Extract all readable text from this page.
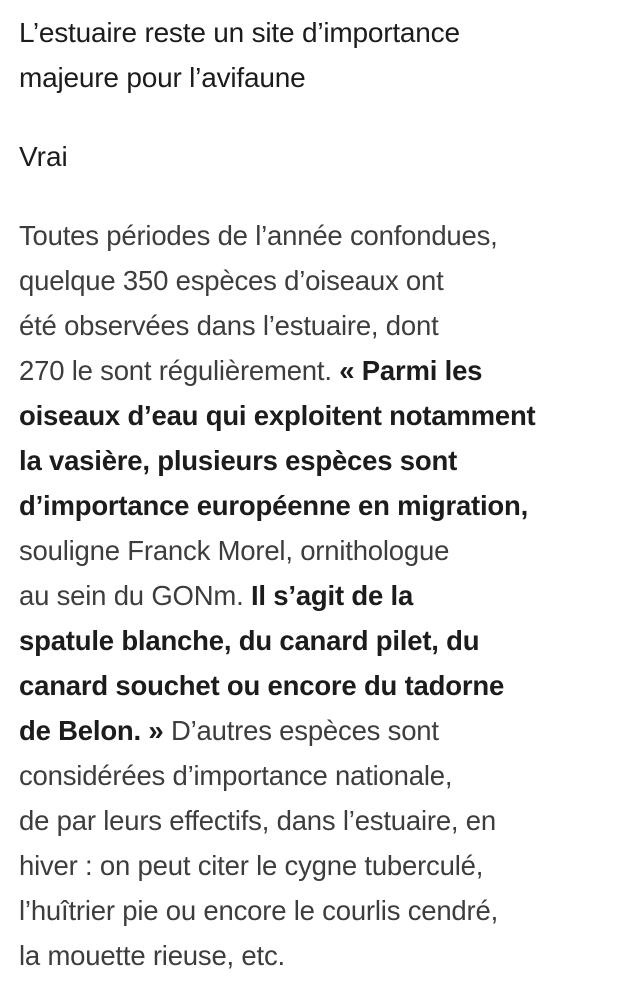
L’estuaire reste un site d’importance
majeure pour l’avifaune

Vrai

Toutes périodes de l’année confondues,
quelque 350 espèces d’oiseaux ont
été observées dans l’estuaire, dont
270 le sont régulièrement. « Parmi les
oiseaux d’eau qui exploitent notamment
la vasière, plusieurs espèces sont
d’importance européenne en migration,
souligne Franck Morel, ornithologue
au sein du GONm. Il s’agit de la
spatule blanche, du canard pilet, du
canard souchet ou encore du tadorne
de Belon. » D’autres espèces sont
considérées d’importance nationale,
de par leurs effectifs, dans l’estuaire, en
hiver : on peut citer le cygne tuberculé,
l’huîtrier pie ou encore le courlis cendré,
la mouette rieuse, etc.
